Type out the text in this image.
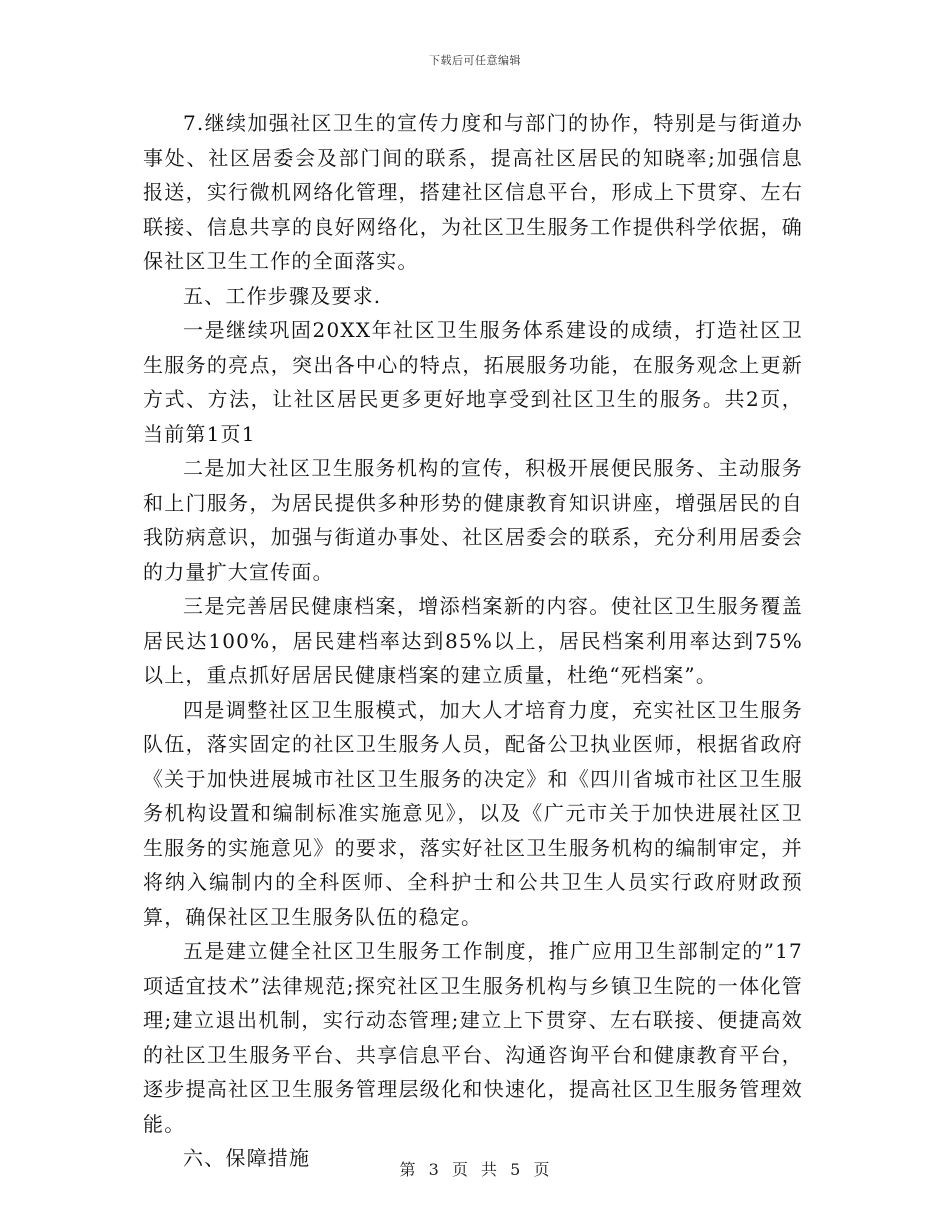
下载后可任意编辑

7.继续加强社区卫生的宣传力度和与部门的协作，特别是与街道办事处、社区居委会及部门间的联系，提高社区居民的知晓率;加强信息报送，实行微机网络化管理，搭建社区信息平台，形成上下贯穿、左右联接、信息共享的良好网络化，为社区卫生服务工作提供科学依据，确保社区卫生工作的全面落实。

五、工作步骤及要求.

一是继续巩固20XX年社区卫生服务体系建设的成绩，打造社区卫生服务的亮点，突出各中心的特点，拓展服务功能，在服务观念上更新方式、方法，让社区居民更多更好地享受到社区卫生的服务。共2页，当前第1页1

二是加大社区卫生服务机构的宣传，积极开展便民服务、主动服务和上门服务，为居民提供多种形势的健康教育知识讲座，增强居民的自我防病意识，加强与街道办事处、社区居委会的联系，充分利用居委会的力量扩大宣传面。

三是完善居民健康档案，增添档案新的内容。使社区卫生服务覆盖居民达100%，居民建档率达到85%以上，居民档案利用率达到75%以上，重点抓好居居民健康档案的建立质量，杜绝“死档案”。

四是调整社区卫生服模式，加大人才培育力度，充实社区卫生服务队伍，落实固定的社区卫生服务人员，配备公卫执业医师，根据省政府《关于加快进展城市社区卫生服务的决定》和《四川省城市社区卫生服务机构设置和编制标准实施意见》，以及《广元市关于加快进展社区卫生服务的实施意见》的要求，落实好社区卫生服务机构的编制审定，并将纳入编制内的全科医师、全科护士和公共卫生人员实行政府财政预算，确保社区卫生服务队伍的稳定。

五是建立健全社区卫生服务工作制度，推广应用卫生部制定的”17项适宜技术”法律规范;探究社区卫生服务机构与乡镇卫生院的一体化管理;建立退出机制，实行动态管理;建立上下贯穿、左右联接、便捷高效的社区卫生服务平台、共享信息平台、沟通咨询平台和健康教育平台，逐步提高社区卫生服务管理层级化和快速化，提高社区卫生服务管理效能。

六、保障措施	第 3 页 共 5 页
